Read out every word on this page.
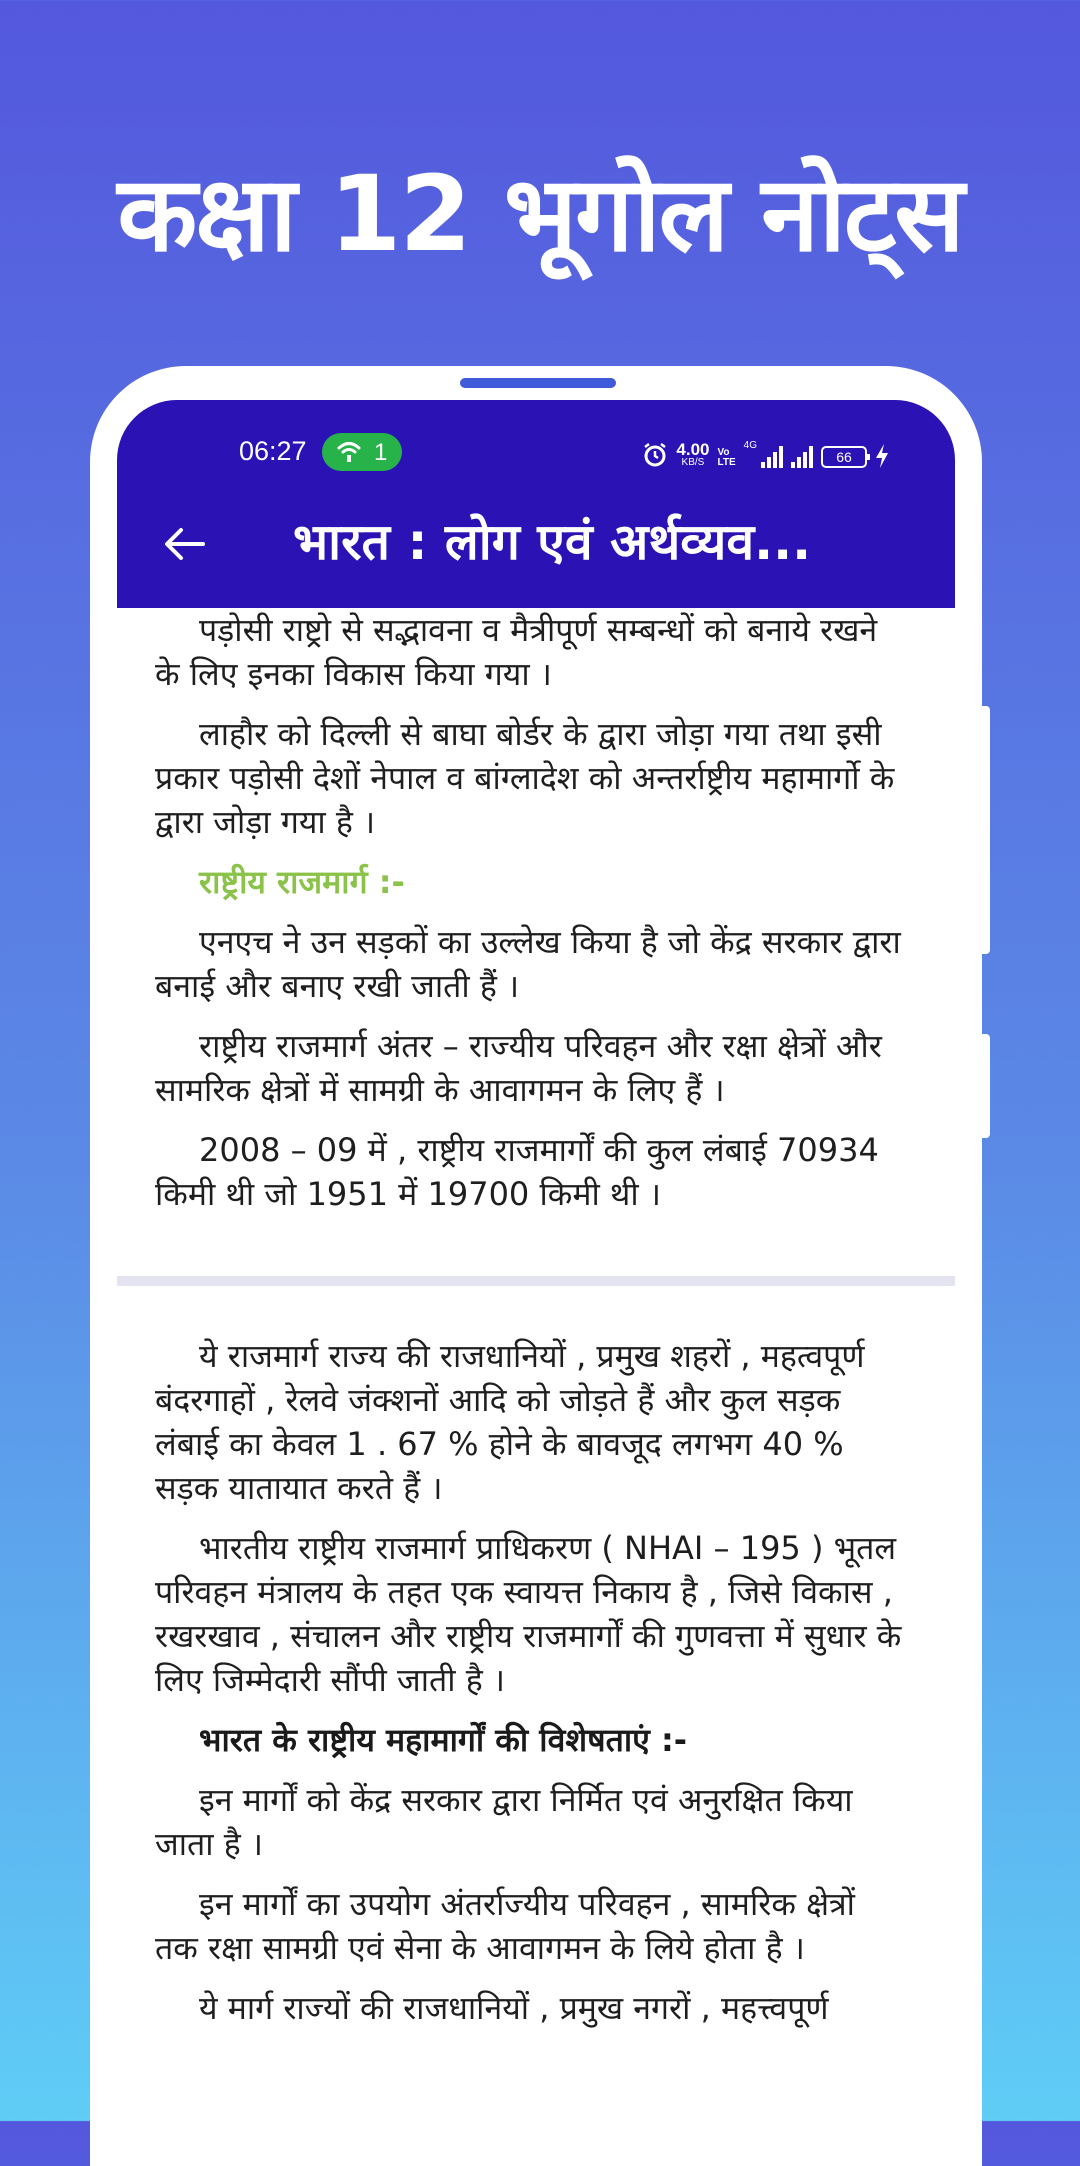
कक्षा 12 भूगोल नोट्स
06:27	1	4.00
KB/S
Vo
LTE
4G
66
भारत : लोग एवं अर्थव्यव...

पड़ोसी राष्ट्रो से सद्भावना व मैत्रीपूर्ण सम्बन्धों को बनाये रखने के लिए इनका विकास किया गया ।

लाहौर को दिल्ली से बाघा बोर्डर के द्वारा जोड़ा गया तथा इसी प्रकार पड़ोसी देशों नेपाल व बांग्लादेश को अन्तर्राष्ट्रीय महामार्गो के द्वारा जोड़ा गया है ।

राष्ट्रीय राजमार्ग :-

एनएच ने उन सड़कों का उल्लेख किया है जो केंद्र सरकार द्वारा बनाई और बनाए रखी जाती हैं ।

राष्ट्रीय राजमार्ग अंतर – राज्यीय परिवहन और रक्षा क्षेत्रों और सामरिक क्षेत्रों में सामग्री के आवागमन के लिए हैं ।

2008 – 09 में , राष्ट्रीय राजमार्गों की कुल लंबाई 70934 किमी थी जो 1951 में 19700 किमी थी ।

ये राजमार्ग राज्य की राजधानियों , प्रमुख शहरों , महत्वपूर्ण बंदरगाहों , रेलवे जंक्शनों आदि को जोड़ते हैं और कुल सड़क लंबाई का केवल 1 . 67 % होने के बावजूद लगभग 40 % सड़क यातायात करते हैं ।

भारतीय राष्ट्रीय राजमार्ग प्राधिकरण ( NHAI – 195 ) भूतल परिवहन मंत्रालय के तहत एक स्वायत्त निकाय है , जिसे विकास , रखरखाव , संचालन और राष्ट्रीय राजमार्गों की गुणवत्ता में सुधार के लिए जिम्मेदारी सौंपी जाती है ।

भारत के राष्ट्रीय महामार्गों की विशेषताएं :-

इन मार्गों को केंद्र सरकार द्वारा निर्मित एवं अनुरक्षित किया जाता है ।

इन मार्गों का उपयोग अंतर्राज्यीय परिवहन , सामरिक क्षेत्रों तक रक्षा सामग्री एवं सेना के आवागमन के लिये होता है ।

ये मार्ग राज्यों की राजधानियों , प्रमुख नगरों , महत्त्वपूर्ण
